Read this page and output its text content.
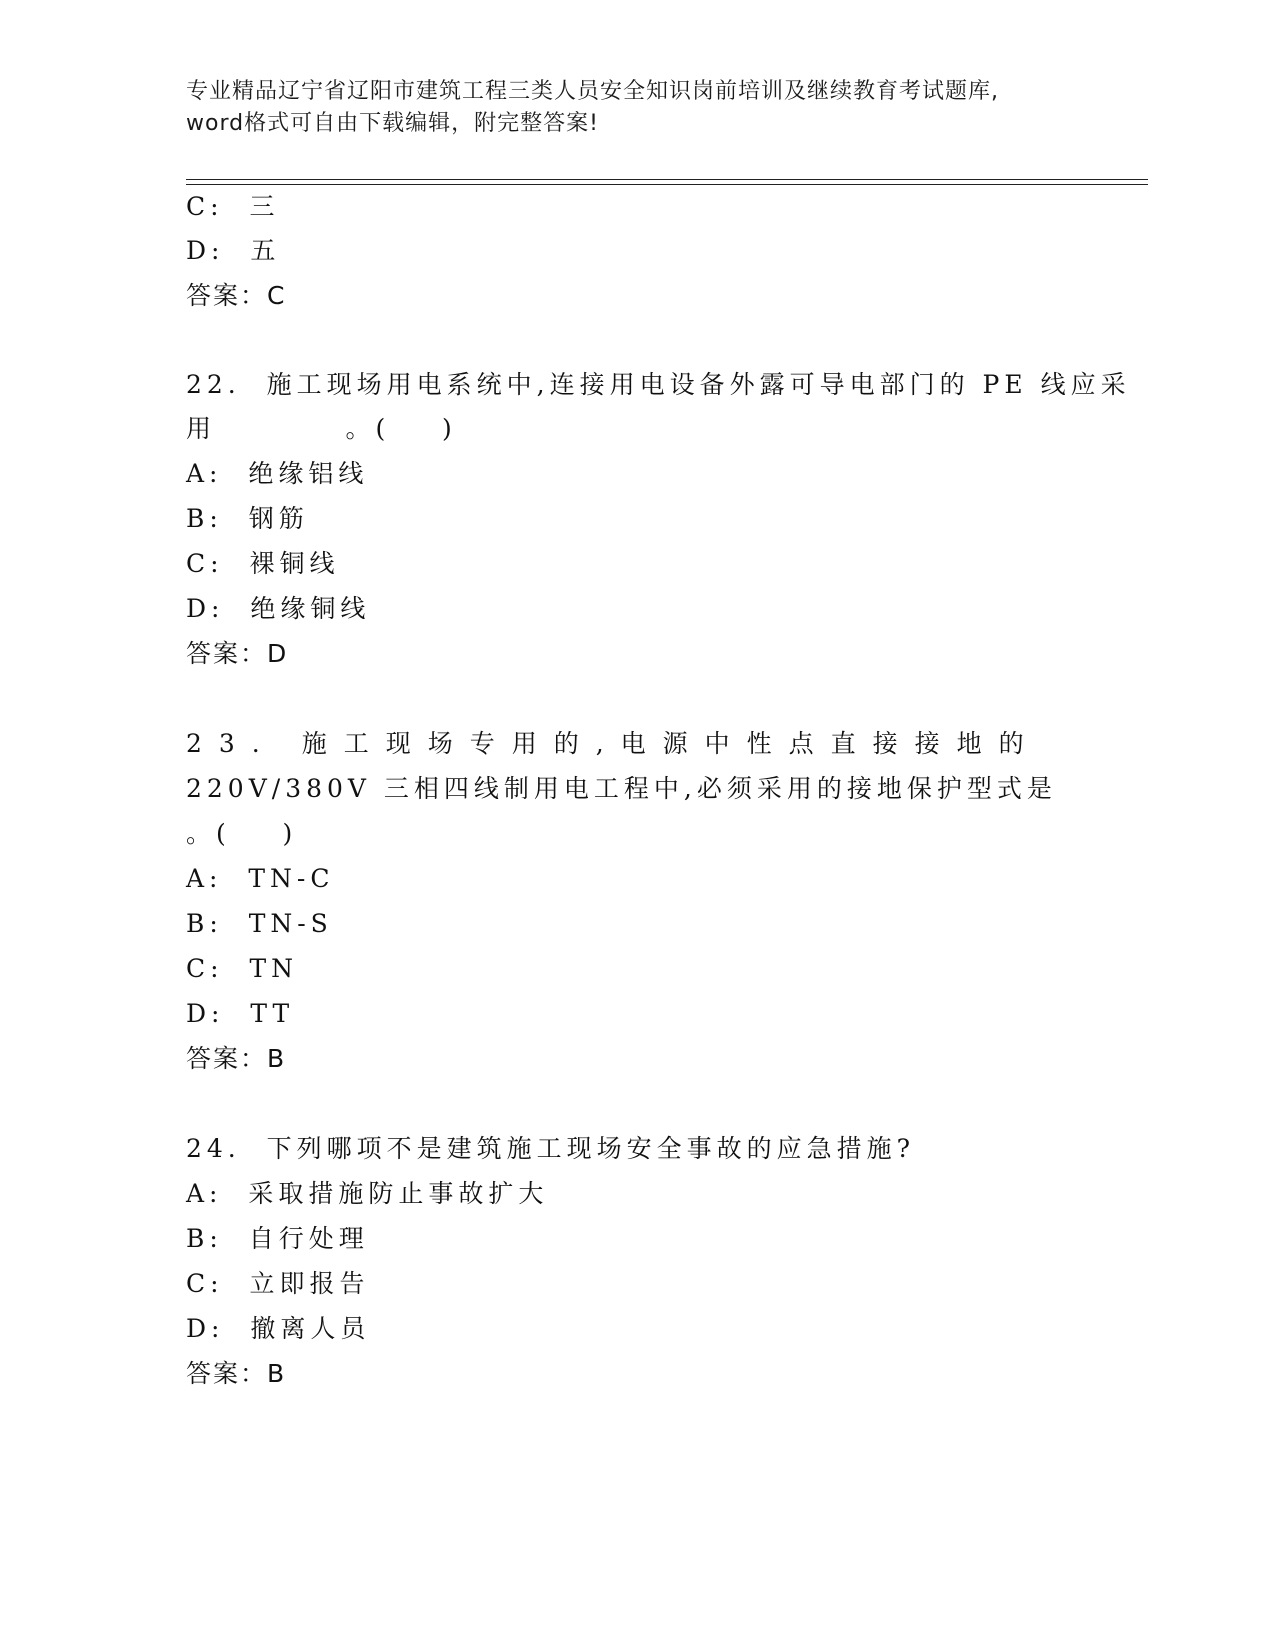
专业精品辽宁省辽阳市建筑工程三类人员安全知识岗前培训及继续教育考试题库,
word格式可自由下载编辑，附完整答案!
C:  三
D:  五
答案：C
22.  施工现场用电系统中,连接用电设备外露可导电部门的 PE 线应采
用          。(    )
A:  绝缘铝线
B:  钢筋
C:  裸铜线
D:  绝缘铜线
答案：D
23. 施工现场专用的,电源中性点直接接地的
220V/380V 三相四线制用电工程中,必须采用的接地保护型式是
。(    )
A:  TN-C
B:  TN-S
C:  TN
D:  TT
答案：B
24.  下列哪项不是建筑施工现场安全事故的应急措施?
A:  采取措施防止事故扩大
B:  自行处理
C:  立即报告
D:  撤离人员
答案：B
